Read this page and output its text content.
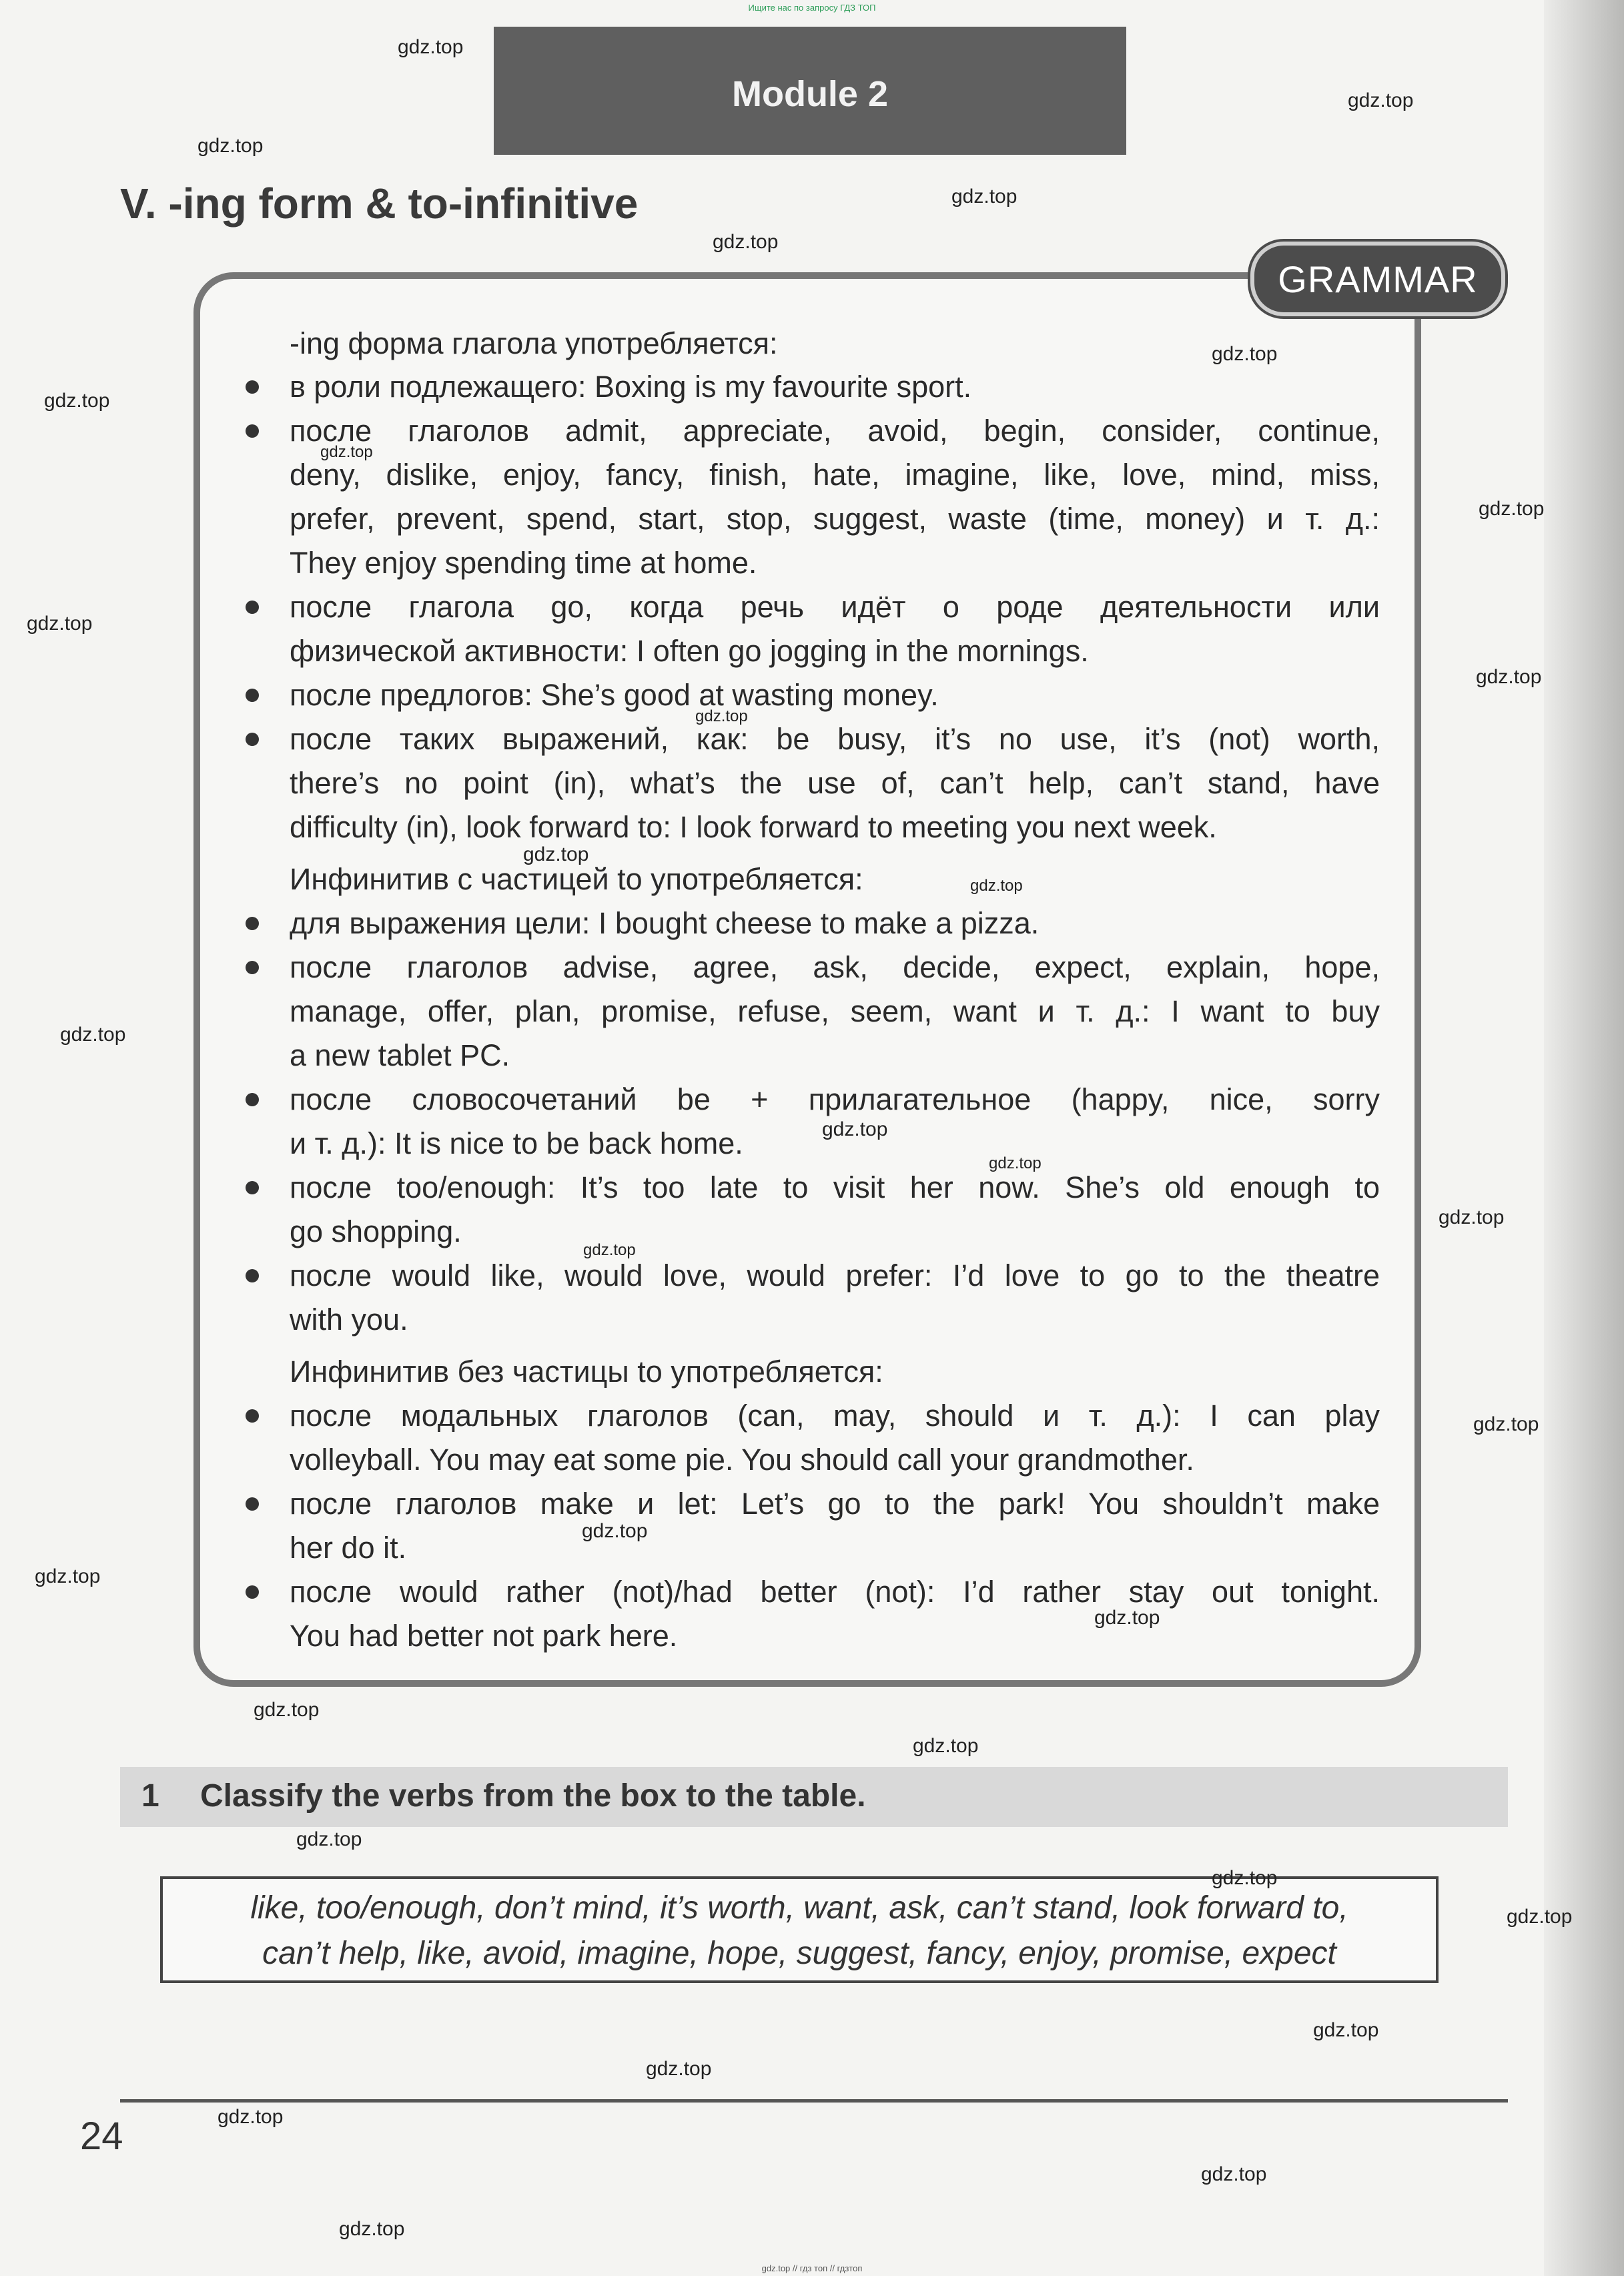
Ищите нас по запросу ГДЗ ТОП
Module 2
V. -ing form & to-infinitive
GRAMMAR
-ing форма глагола употребляется:
в роли подлежащего: Boxing is my favourite sport.
после глаголов admit, appreciate, avoid, begin, consider, continue,
deny, dislike, enjoy, fancy, finish, hate, imagine, like, love, mind, miss,
prefer, prevent, spend, start, stop, suggest, waste (time, money) и т. д.:
They enjoy spending time at home.
после глагола go, когда речь идёт о роде деятельности или
физической активности: I often go jogging in the mornings.
после предлогов: She’s good at wasting money.
после таких выражений, как: be busy, it’s no use, it’s (not) worth,
there’s no point (in), what’s the use of, can’t help, can’t stand, have
difficulty (in), look forward to: I look forward to meeting you next week.
Инфинитив с частицей to употребляется:
для выражения цели: I bought cheese to make a pizza.
после глаголов advise, agree, ask, decide, expect, explain, hope,
manage, offer, plan, promise, refuse, seem, want и т. д.: I want to buy
a new tablet PC.
после словосочетаний be + прилагательное (happy, nice, sorry
и т. д.): It is nice to be back home.
после too/enough: It’s too late to visit her now. She’s old enough to
go shopping.
после would like, would love, would prefer: I’d love to go to the theatre
with you.
Инфинитив без частицы to употребляется:
после модальных глаголов (can, may, should и т. д.): I can play
volleyball. You may eat some pie. You should call your grandmother.
после глаголов make и let: Let’s go to the park! You shouldn’t make
her do it.
после would rather (not)/had better (not): I’d rather stay out tonight.
You had better not park here.
1 Classify the verbs from the box to the table.
like, too/enough, don’t mind, it’s worth, want, ask, can’t stand, look forward to,
can’t help, like, avoid, imagine, hope, suggest, fancy, enjoy, promise, expect
24
gdz.top
gdz.top
gdz.top
gdz.top
gdz.top
gdz.top
gdz.top
gdz.top
gdz.top
gdz.top
gdz.top
gdz.top
gdz.top
gdz.top
gdz.top
gdz.top
gdz.top
gdz.top
gdz.top
gdz.top
gdz.top
gdz.top
gdz.top
gdz.top
gdz.top
gdz.top
gdz.top
gdz.top
gdz.top
gdz.top
gdz.top
gdz.top
gdz.top
gdz.top // гдз топ // гдзтоп
